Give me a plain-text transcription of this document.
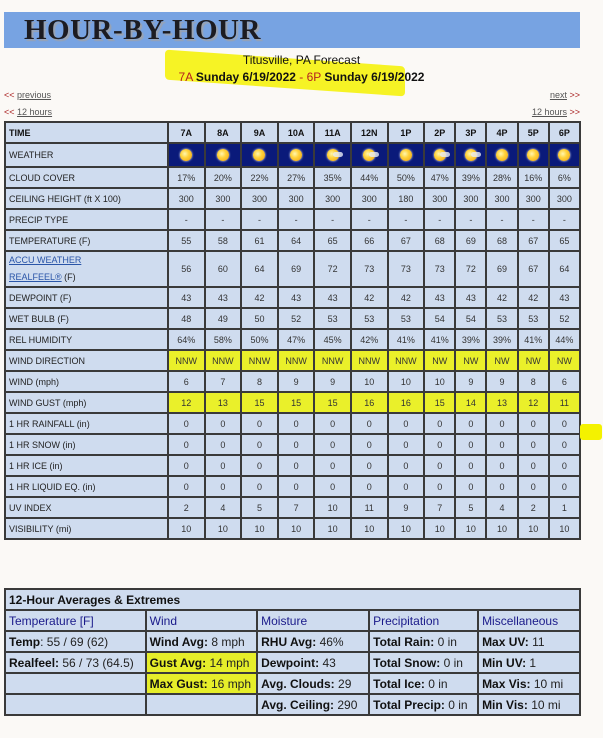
HOUR-BY-HOUR
Titusville, PA Forecast
7A Sunday 6/19/2022 - 6P Sunday 6/19/2022
<< previous	next >>
<< 12 hours	12 hours >>
TIME	7A	8A	9A	10A	11A	12N	1P	2P	3P	4P	5P	6P
WEATHER												
CLOUD COVER	17%	20%	22%	27%	35%	44%	50%	47%	39%	28%	16%	6%
CEILING HEIGHT (ft X 100)	300	300	300	300	300	300	180	300	300	300	300	300
PRECIP TYPE	-	-	-	-	-	-	-	-	-	-	-	-
TEMPERATURE (F)	55	58	61	64	65	66	67	68	69	68	67	65
ACCU WEATHER
REALFEEL® (F)	56	60	64	69	72	73	73	73	72	69	67	64
DEWPOINT (F)	43	43	42	43	43	42	42	43	43	42	42	43
WET BULB (F)	48	49	50	52	53	53	53	54	54	53	53	52
REL HUMIDITY	64%	58%	50%	47%	45%	42%	41%	41%	39%	39%	41%	44%
WIND DIRECTION	NNW	NNW	NNW	NNW	NNW	NNW	NNW	NW	NW	NW	NW	NW
WIND (mph)	6	7	8	9	9	10	10	10	9	9	8	6
WIND GUST (mph)	12	13	15	15	15	16	16	15	14	13	12	11
1 HR RAINFALL (in)	0	0	0	0	0	0	0	0	0	0	0	0
1 HR SNOW (in)	0	0	0	0	0	0	0	0	0	0	0	0
1 HR ICE (in)	0	0	0	0	0	0	0	0	0	0	0	0
1 HR LIQUID EQ. (in)	0	0	0	0	0	0	0	0	0	0	0	0
UV INDEX	2	4	5	7	10	11	9	7	5	4	2	1
VISIBILITY (mi)	10	10	10	10	10	10	10	10	10	10	10	10
12-Hour Averages & Extremes				
Temperature [F]	Wind	Moisture	Precipitation	Miscellaneous
Temp: 55 / 69 (62)	Wind Avg: 8 mph	RHU Avg: 46%	Total Rain: 0 in	Max UV: 11
Realfeel: 56 / 73 (64.5)	Gust Avg: 14 mph	Dewpoint: 43	Total Snow: 0 in	Min UV: 1
	Max Gust: 16 mph	Avg. Clouds: 29	Total Ice: 0 in	Max Vis: 10 mi
		Avg. Ceiling: 290	Total Precip: 0 in	Min Vis: 10 mi
